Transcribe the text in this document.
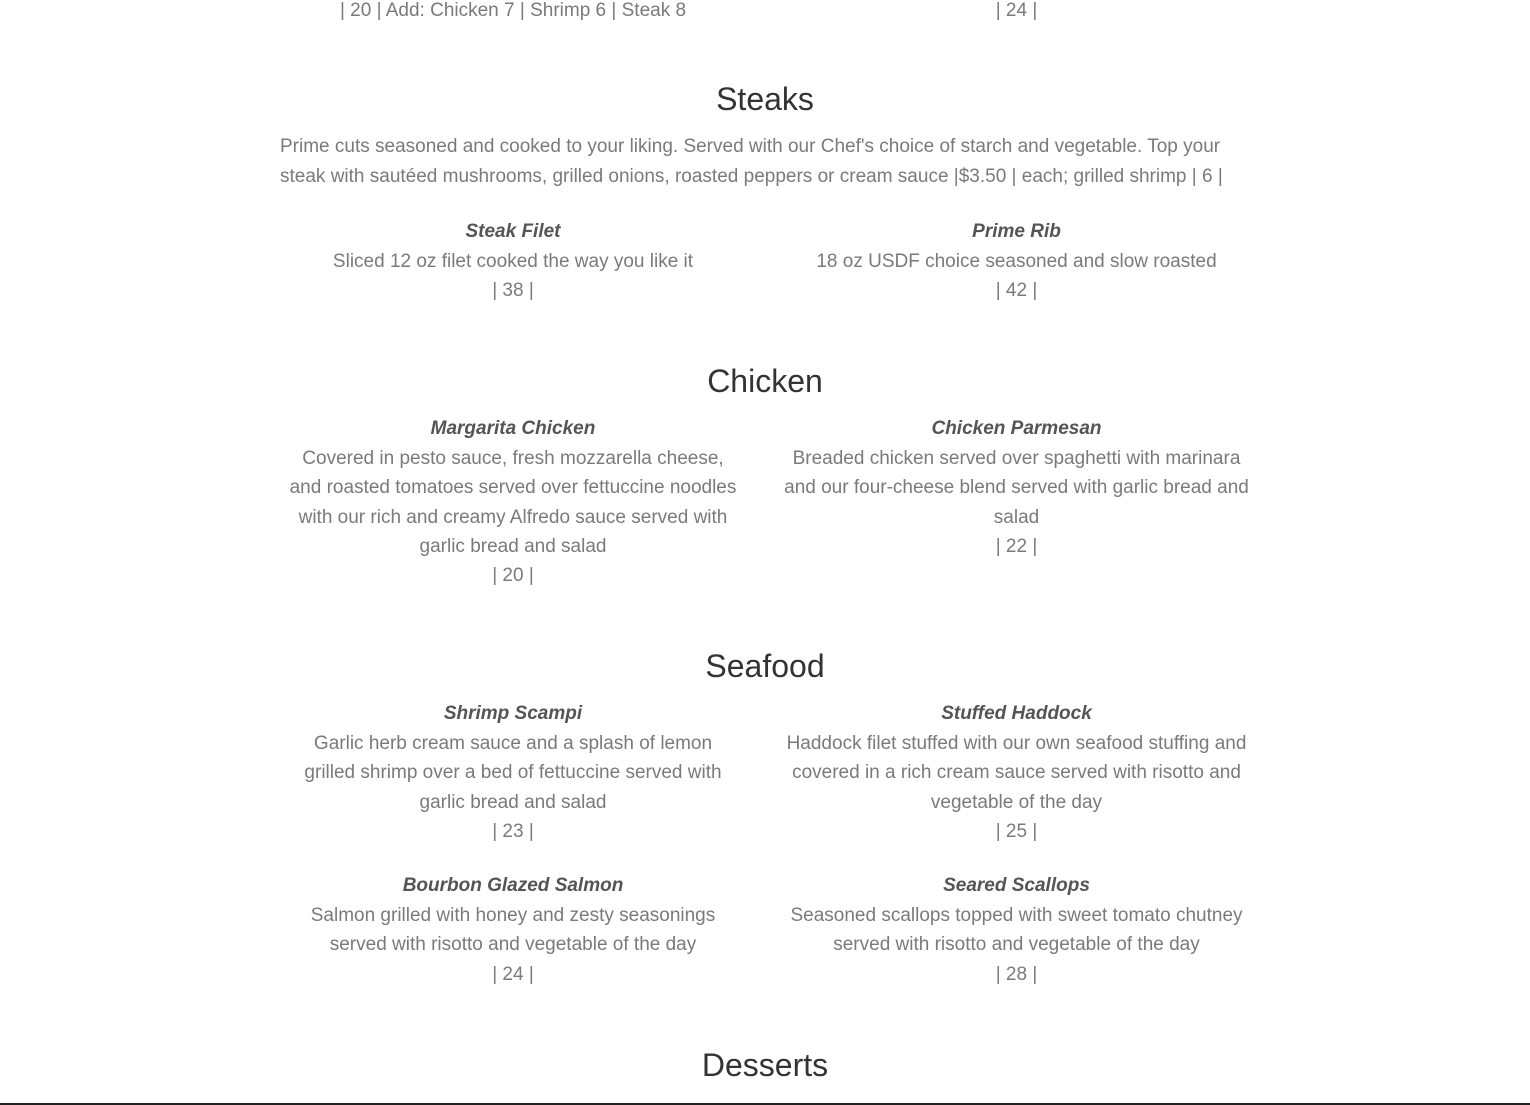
| 20 | Add: Chicken 7 | Shrimp 6 | Steak 8	| 24 |

Steaks

Prime cuts seasoned and cooked to your liking. Served with our Chef's choice of starch and vegetable. Top your steak with sautéed mushrooms, grilled onions, roasted peppers or cream sauce |$3.50 | each; grilled shrimp | 6 |

Steak Filet

Sliced 12 oz filet cooked the way you like it

| 38 |

Prime Rib

18 oz USDF choice seasoned and slow roasted

| 42 |

Chicken

Margarita Chicken

Covered in pesto sauce, fresh mozzarella cheese, and roasted tomatoes served over fettuccine noodles with our rich and creamy Alfredo sauce served with garlic bread and salad

| 20 |

Chicken Parmesan

Breaded chicken served over spaghetti with marinara and our four-cheese blend served with garlic bread and salad

| 22 |

Seafood

Shrimp Scampi

Garlic herb cream sauce and a splash of lemon grilled shrimp over a bed of fettuccine served with garlic bread and salad

| 23 |

Stuffed Haddock

Haddock filet stuffed with our own seafood stuffing and covered in a rich cream sauce served with risotto and vegetable of the day

| 25 |

Bourbon Glazed Salmon

Salmon grilled with honey and zesty seasonings served with risotto and vegetable of the day

| 24 |

Seared Scallops

Seasoned scallops topped with sweet tomato chutney served with risotto and vegetable of the day

| 28 |

Desserts
